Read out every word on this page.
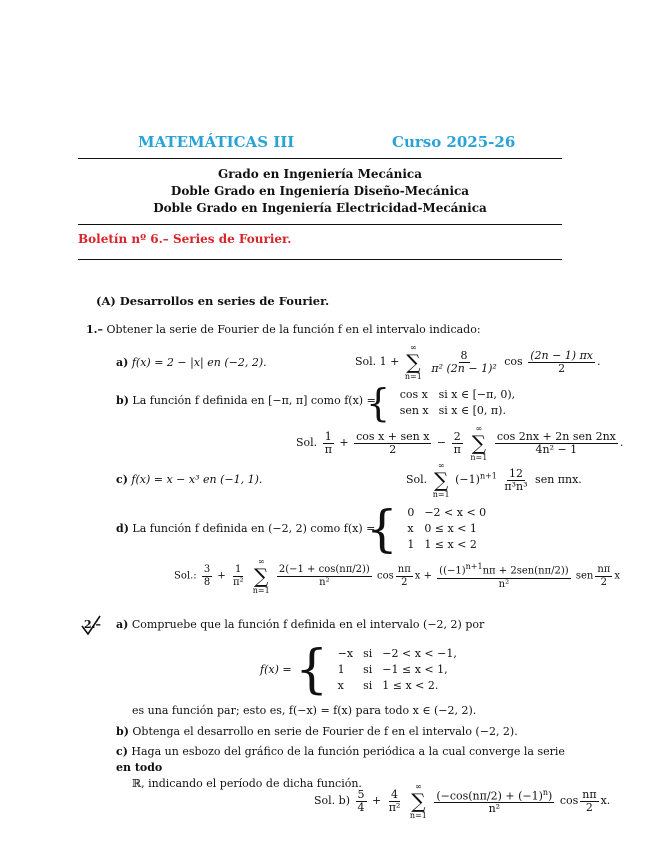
MATEMÁTICAS III	Curso 2025-26
Grado en Ingeniería Mecánica
Doble Grado en Ingeniería Diseño-Mecánica
Doble Grado en Ingeniería Electricidad-Mecánica
Boletín nº 6.– Series de Fourier.
(A) Desarrollos en series de Fourier.
1.– Obtener la serie de Fourier de la función f en el intervalo indicado:
a) f(x) = 2 − |x| en (−2, 2).	Sol. 1 +
∞
∑
n=1

$\frac{8}{\text{π² (2n − 1)²}}$ $\cos \frac{(2n - 1) \pi x}{2}$ .
b) La función f definida en [−π, π] como f(x) =
{ cos x	si x ∈ [−π, 0),
sen x	si x ∈ [0, π).
Sol. $\frac{1}{\pi} + \frac{\text{cos x + sen x}}{2} - \frac{2}{\pi}$

∞
∑
n=1

$\frac{\text{cos 2nx + 2n sen 2nx}}{\text{4n² − 1}}$ .
c) f(x) = x − x³ en (−1, 1).	Sol.
∞
∑
n=1
$(-1)^{n+1} \frac{12}{\text{π³n³}}$ sen πnx.
d) La función f definida en (−2, 2) como f(x) =
{ 0	−2 < x < 0
x	0 ≤ x < 1
1	1 ≤ x < 2
Sol.: $\frac{3}{8} + \frac{1}{\text{π²}}$

∞
∑
n=1

$\frac{2(-1 + \cos(n\pi/2))}{\text{n²}}$ $\cos \frac{n\pi}{2}$ $x + \frac{((-1)^{n+1}n\pi + 2sen(n\pi/2))}{\text{n²}}$ sen $\frac{n\pi}{2}$ x
2.– a) Compruebe que la función f definida en el intervalo (−2, 2) por
f(x) = { −x	si	−2 < x < −1,
1	si	−1 ≤ x < 1,
x	si	1 ≤ x < 2.
es una función par; esto es, f(−x) = f(x) para todo x ∈ (−2, 2).
b) Obtenga el desarrollo en serie de Fourier de f en el intervalo (−2, 2).
c) Haga un esbozo del gráfico de la función periódica a la cual converge la serie en todo
ℝ, indicando el período de dicha función.
Sol. $b) \frac{5}{4} + \frac{4}{\text{π²}}$

∞
∑
n=1

$\frac{(-\cos(n\pi/2) + (-1)^n)}{\text{n²}}$ $\cos \frac{n\pi}{2} x$.
